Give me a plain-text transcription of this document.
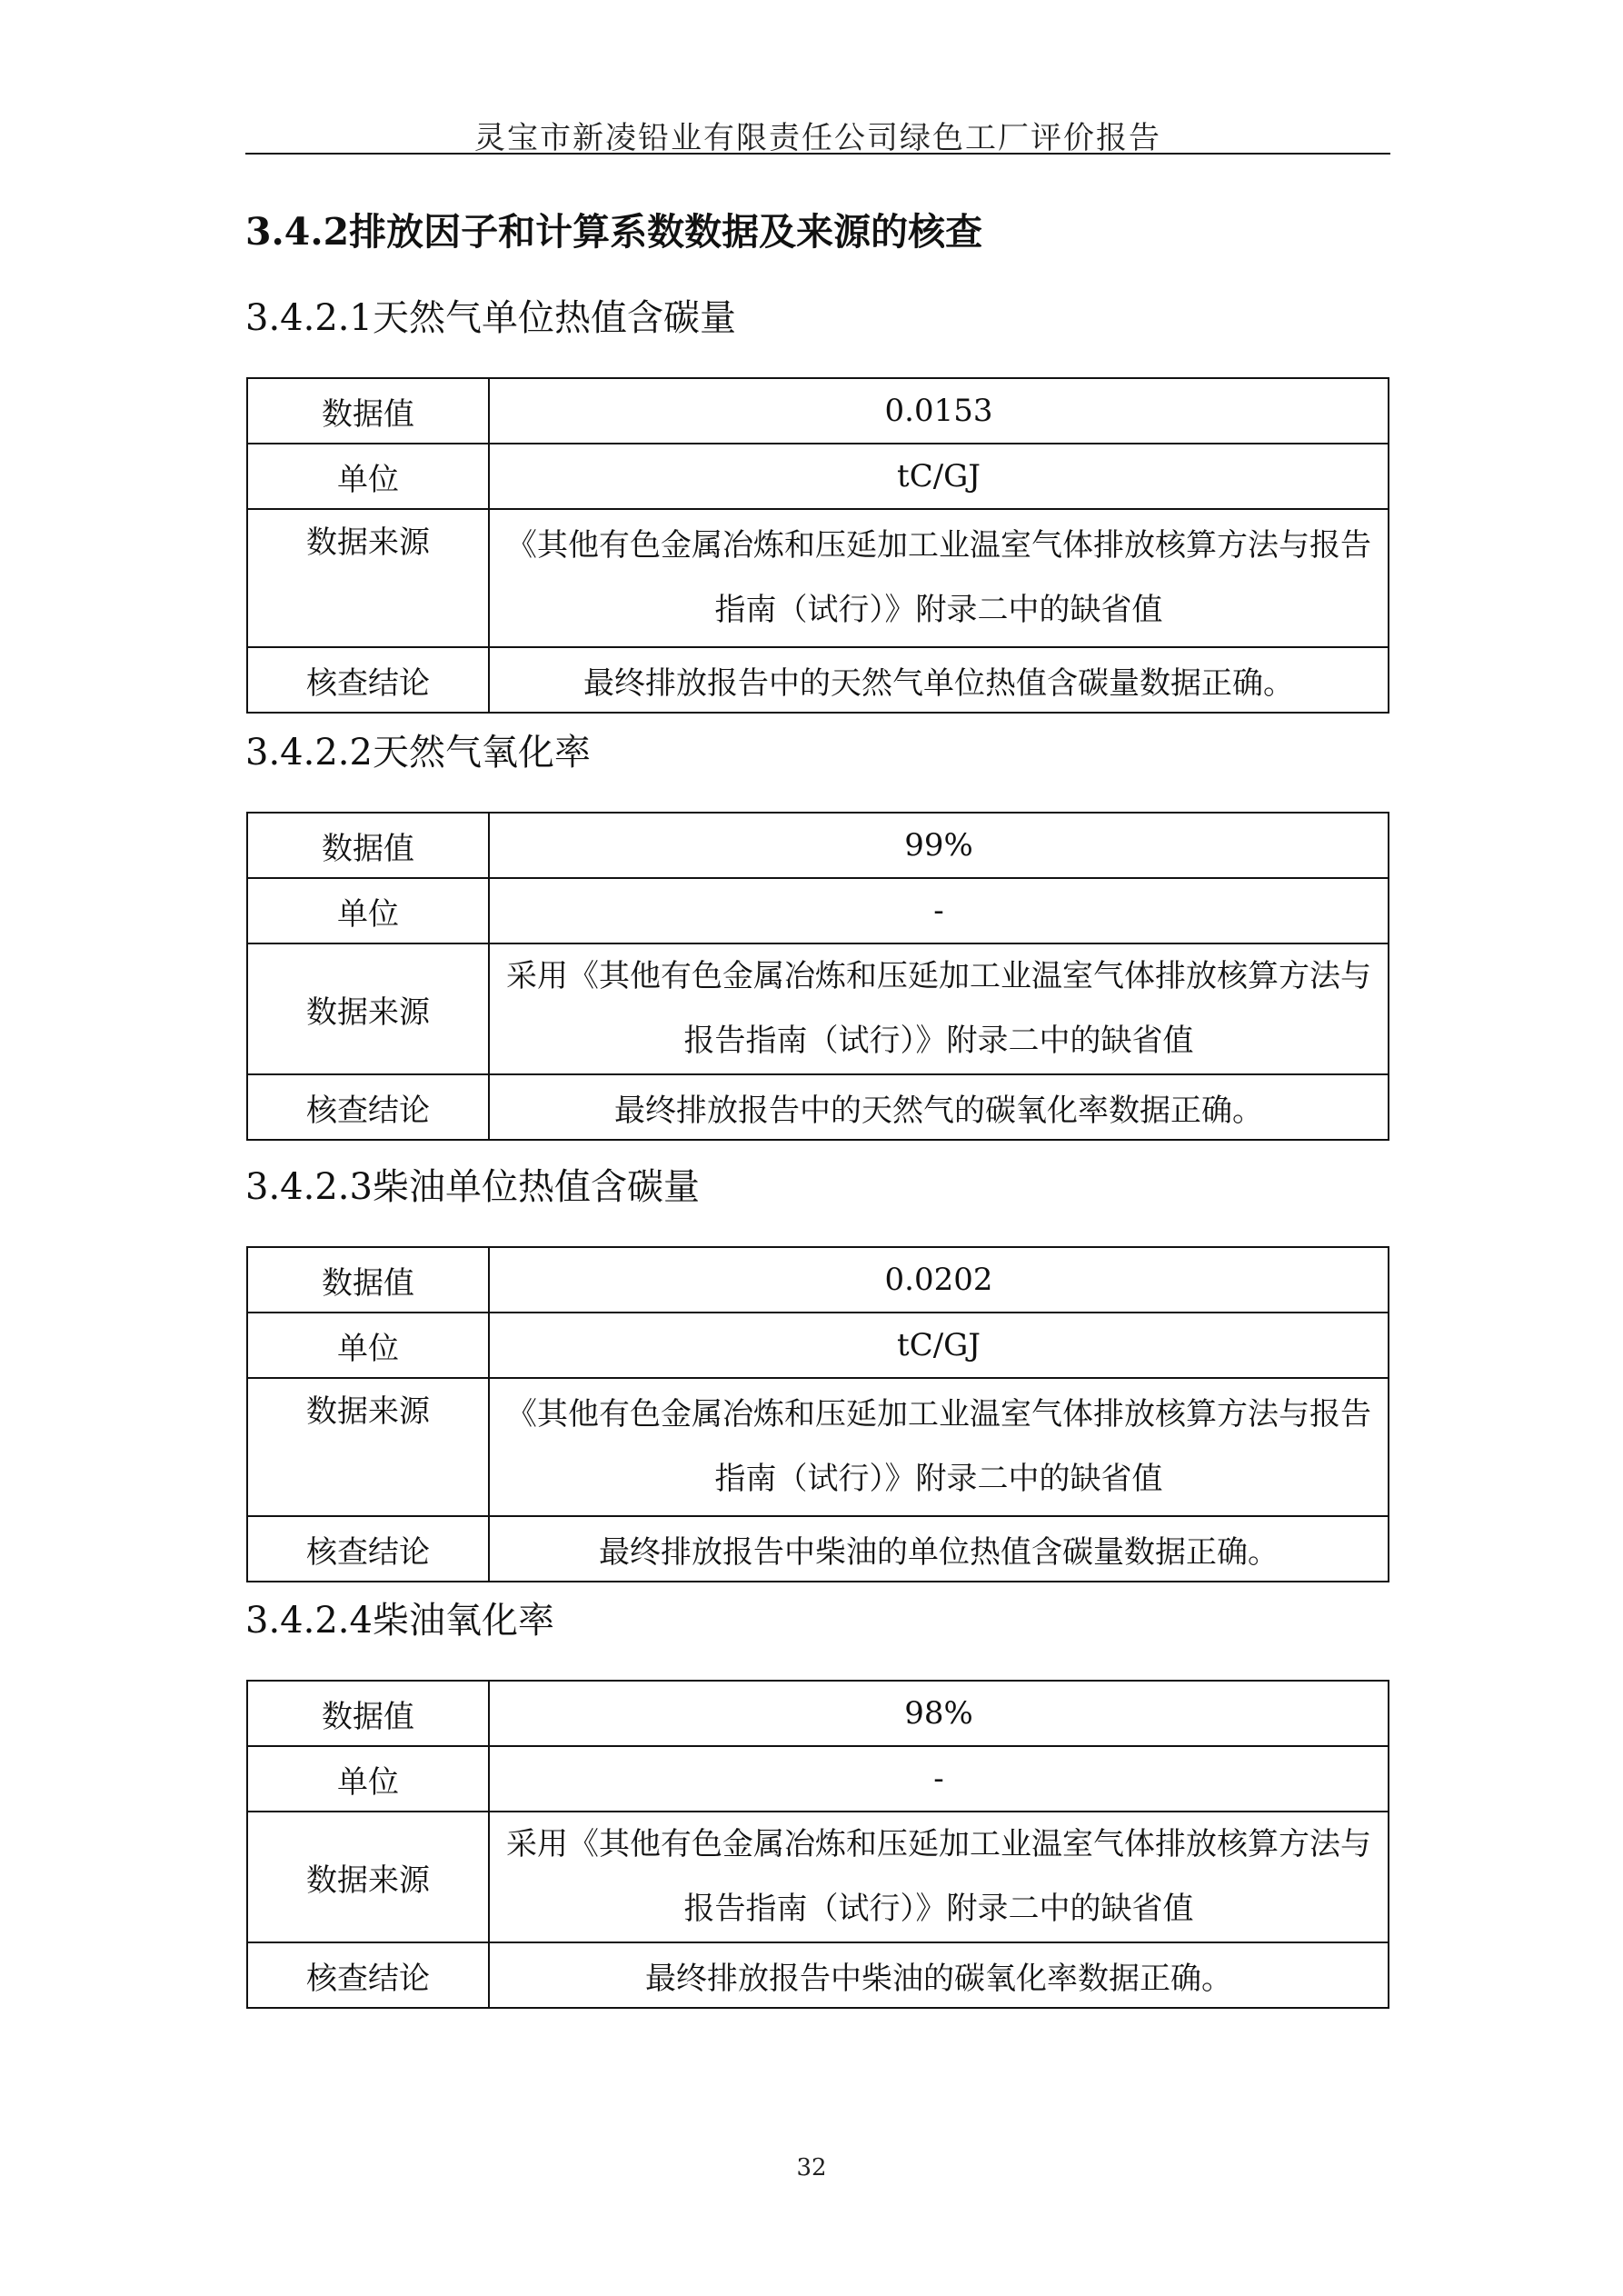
灵宝市新凌铅业有限责任公司绿色工厂评价报告
3.4.2排放因子和计算系数数据及来源的核查
3.4.2.1天然气单位热值含碳量
数据值	0.0153
单位	tC/GJ
数据来源	《其他有色金属冶炼和压延加工业温室气体排放核算方法与报告指南（试行）》附录二中的缺省值
核查结论	最终排放报告中的天然气单位热值含碳量数据正确。
3.4.2.2天然气氧化率
数据值	99%
单位	-
数据来源	采用《其他有色金属冶炼和压延加工业温室气体排放核算方法与报告指南（试行）》附录二中的缺省值
核查结论	最终排放报告中的天然气的碳氧化率数据正确。
3.4.2.3柴油单位热值含碳量
数据值	0.0202
单位	tC/GJ
数据来源	《其他有色金属冶炼和压延加工业温室气体排放核算方法与报告指南（试行）》附录二中的缺省值
核查结论	最终排放报告中柴油的单位热值含碳量数据正确。
3.4.2.4柴油氧化率
数据值	98%
单位	-
数据来源	采用《其他有色金属冶炼和压延加工业温室气体排放核算方法与报告指南（试行）》附录二中的缺省值
核查结论	最终排放报告中柴油的碳氧化率数据正确。
32
